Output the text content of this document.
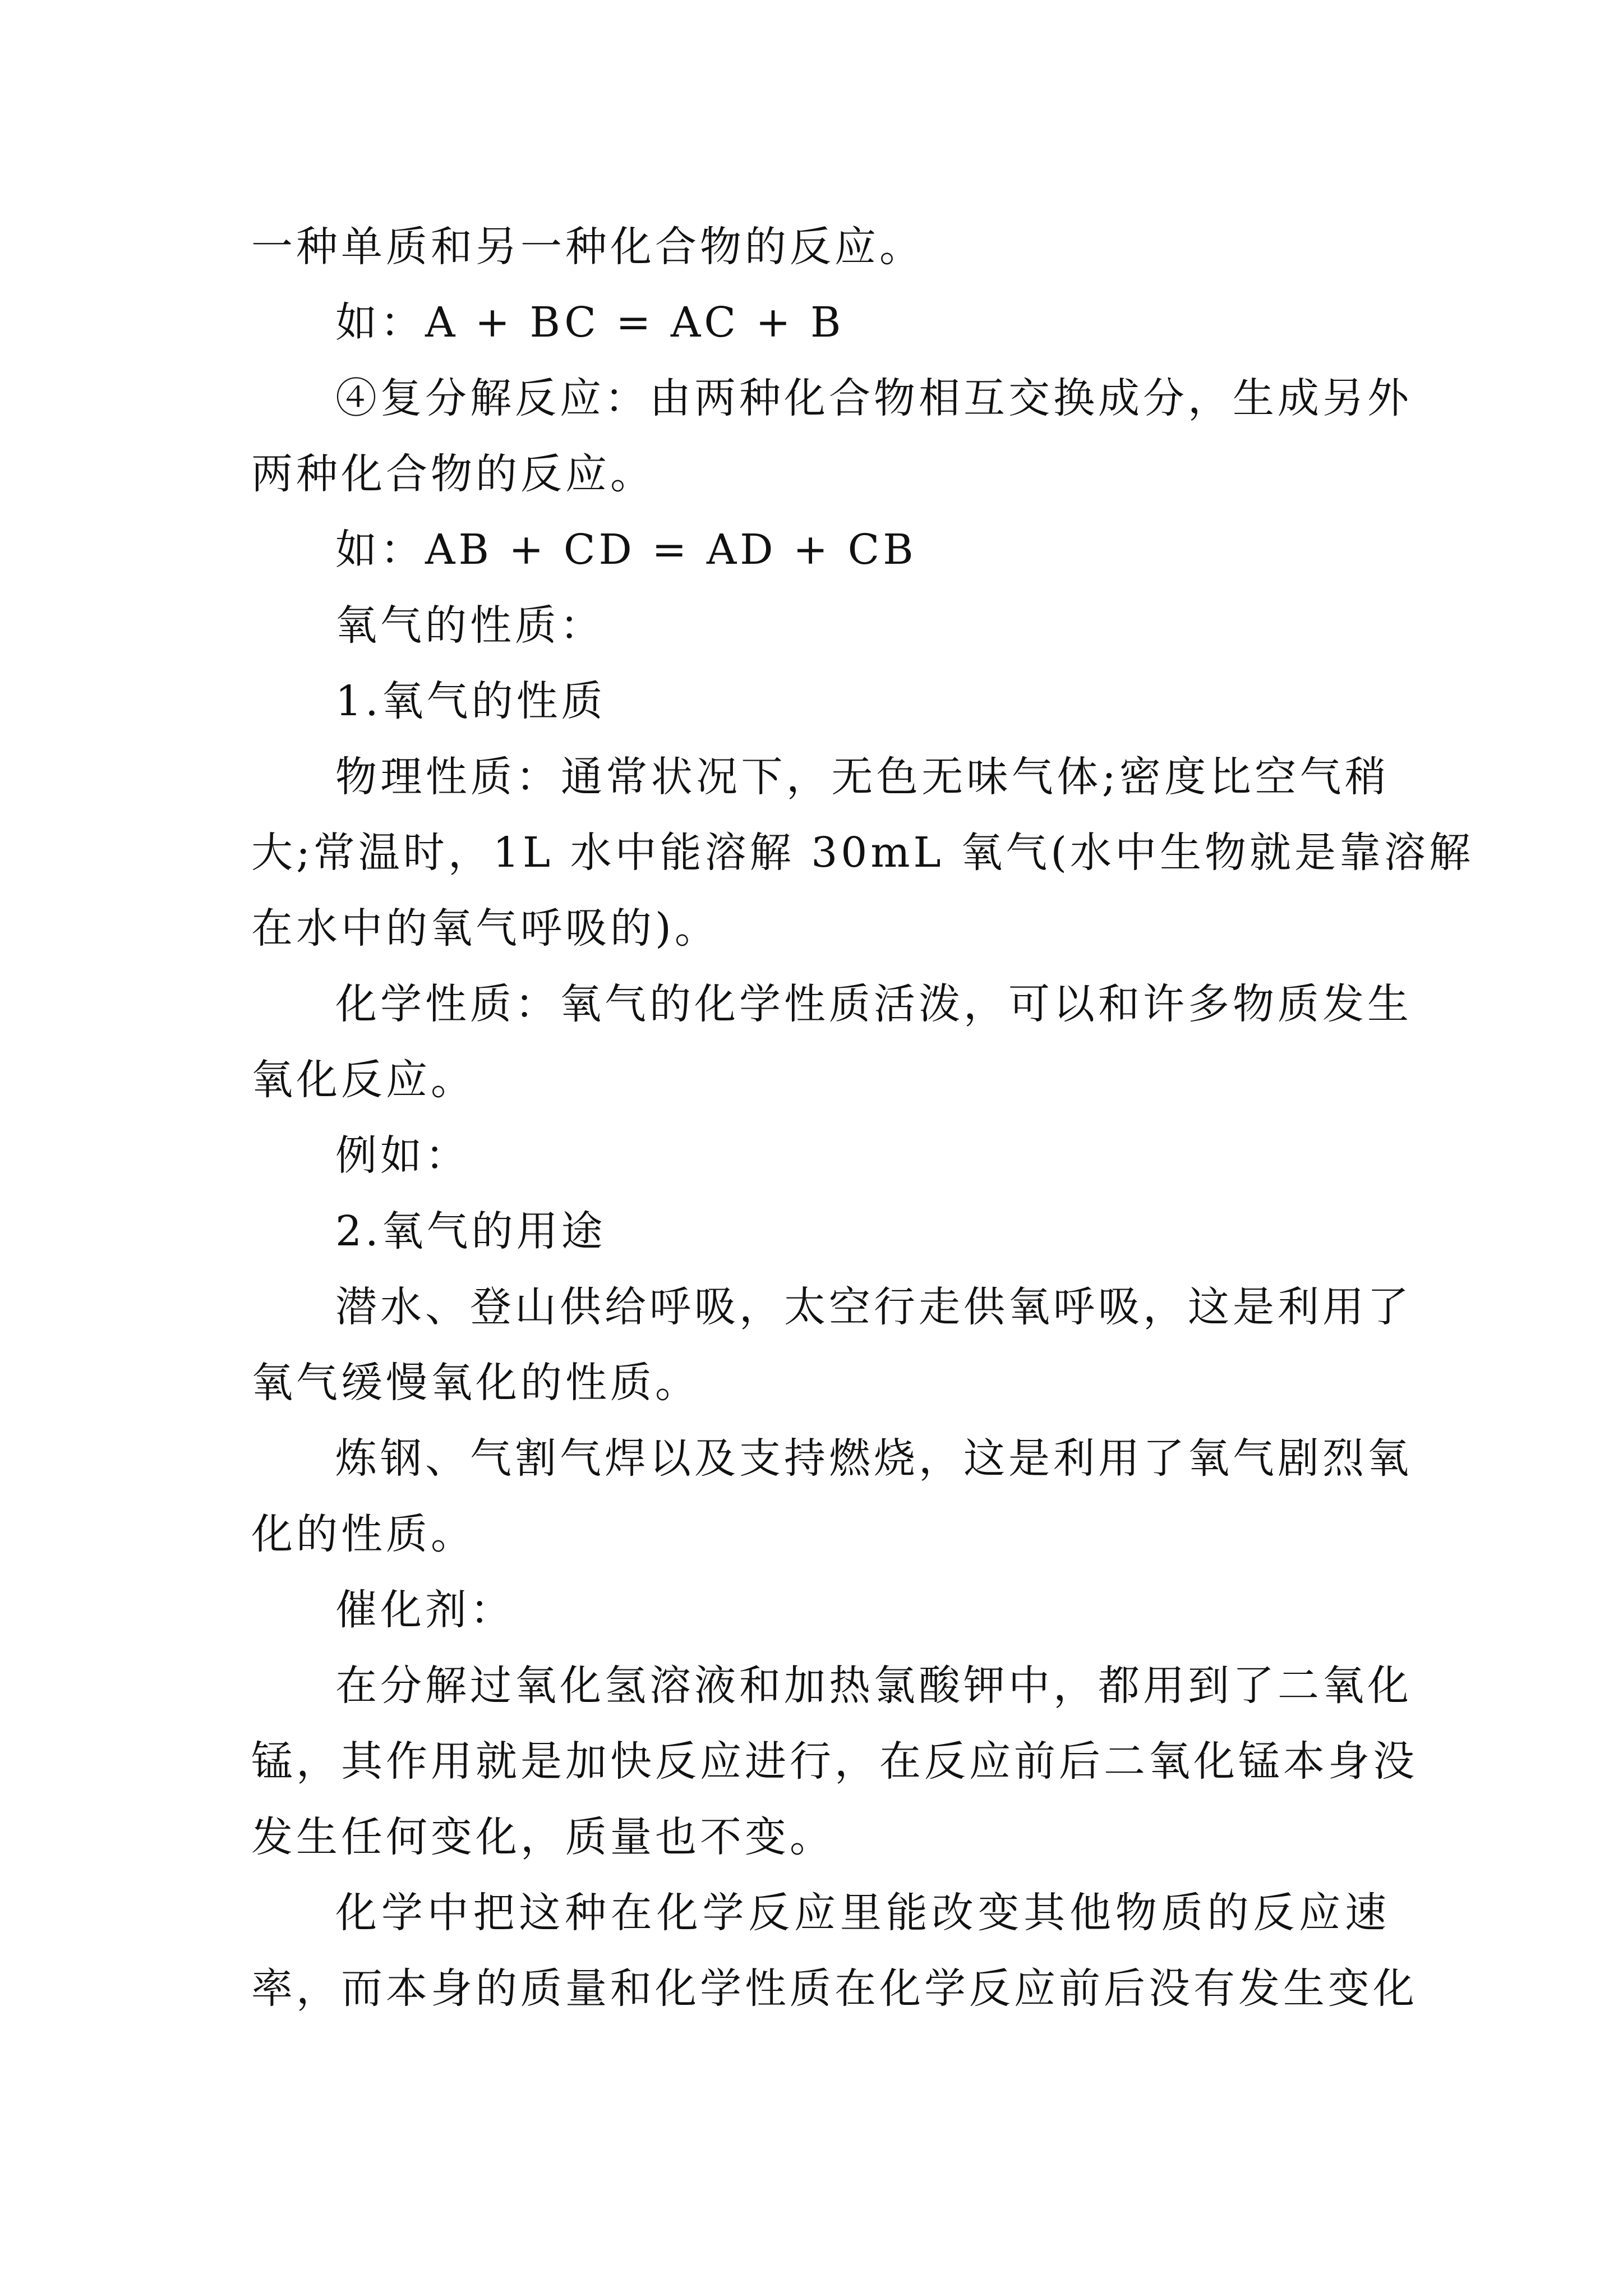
一种单质和另一种化合物的反应。
如：A + BC = AC + B
④复分解反应：由两种化合物相互交换成分，生成另外
两种化合物的反应。
如：AB + CD = AD + CB
氧气的性质：
1.氧气的性质
物理性质：通常状况下，无色无味气体;密度比空气稍
大;常温时，1L 水中能溶解 30mL 氧气(水中生物就是靠溶解
在水中的氧气呼吸的)。
化学性质：氧气的化学性质活泼，可以和许多物质发生
氧化反应。
例如：
2.氧气的用途
潜水、登山供给呼吸，太空行走供氧呼吸，这是利用了
氧气缓慢氧化的性质。
炼钢、气割气焊以及支持燃烧，这是利用了氧气剧烈氧
化的性质。
催化剂：
在分解过氧化氢溶液和加热氯酸钾中，都用到了二氧化
锰，其作用就是加快反应进行，在反应前后二氧化锰本身没
发生任何变化，质量也不变。
化学中把这种在化学反应里能改变其他物质的反应速
率，而本身的质量和化学性质在化学反应前后没有发生变化
